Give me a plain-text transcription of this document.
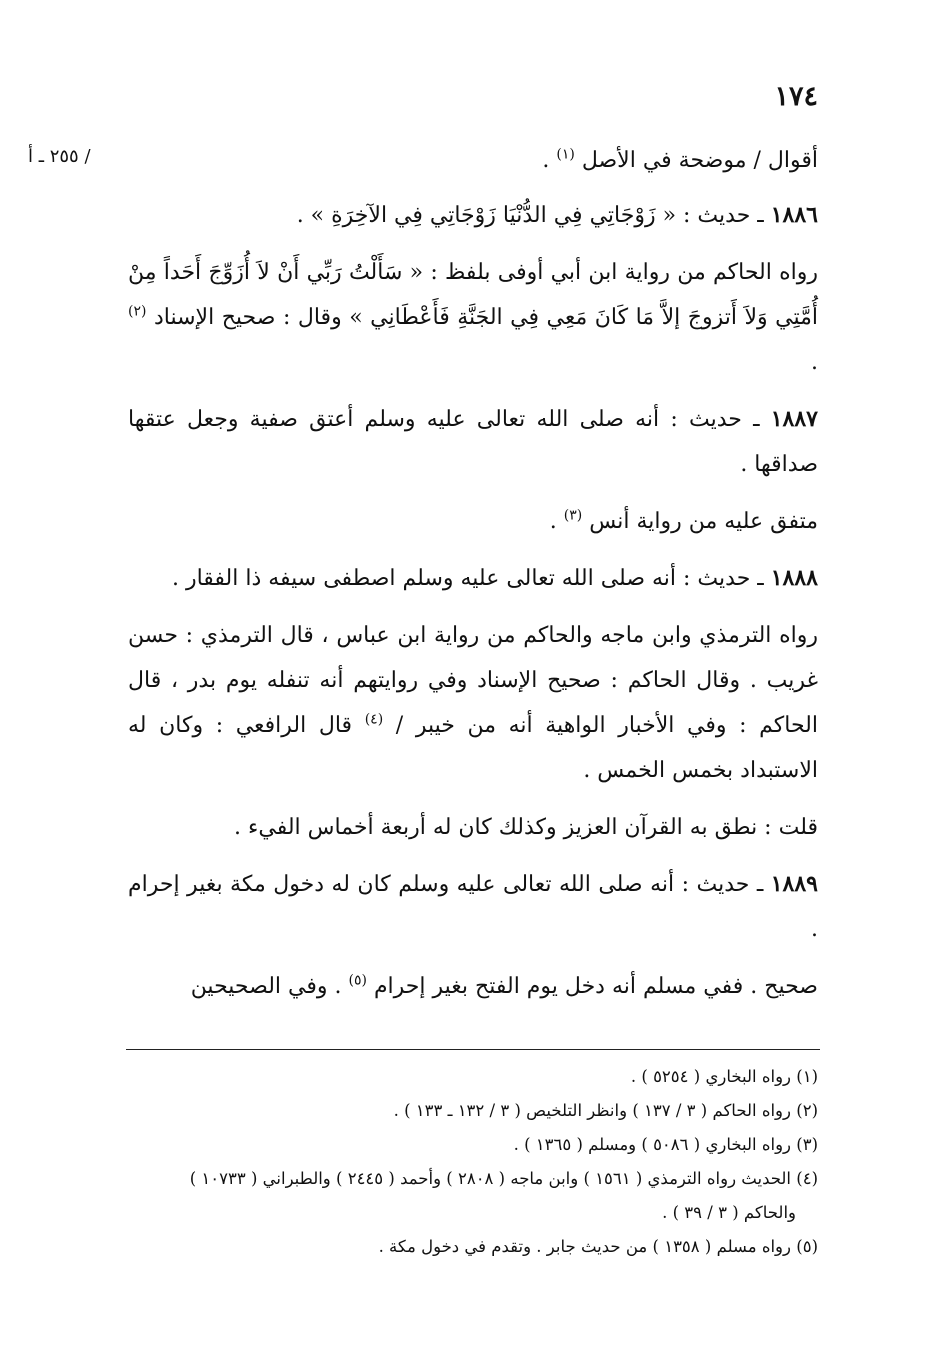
١٧٤
/ ٢٥٥ ـ أ	أقوال / موضحة في الأصل $^{(١)}$ .

١٨٨٦ ـ حديث : « زَوْجَاتِي فِي الدُّنْيَا زَوْجَاتِي فِي الآخِرَةِ » .

رواه الحاكم من رواية ابن أبي أوفى بلفظ : « سَأَلْتُ رَبِّي أَنْ لاَ أُزَوِّجَ أَحَداً مِنْ أُمَّتِي وَلاَ أَتزوجَ إلاَّ مَا كَانَ مَعِي فِي الجَنَّةِ فَأَعْطَانِي » وقال : صحيح الإسناد $^{(٢)}$ .

١٨٨٧ ـ حديث : أنه صلى الله تعالى عليه وسلم أعتق صفية وجعل عتقها صداقها .

متفق عليه من رواية أنس $^{(٣)}$ .

١٨٨٨ ـ حديث : أنه صلى الله تعالى عليه وسلم اصطفى سيفه ذا الفقار .

رواه الترمذي وابن ماجه والحاكم من رواية ابن عباس ، قال الترمذي : حسن غريب . وقال الحاكم : صحيح الإسناد وفي روايتهم أنه تنفله يوم بدر ، قال الحاكم : وفي الأخبار الواهية أنه من خيبر / $^{(٤)}$ قال الرافعي : وكان له الاستبداد بخمس الخمس .

قلت : نطق به القرآن العزيز وكذلك كان له أربعة أخماس الفيء .

١٨٨٩ ـ حديث : أنه صلى الله تعالى عليه وسلم كان له دخول مكة بغير إحرام .

صحيح . ففي مسلم أنه دخل يوم الفتح بغير إحرام $^{(٥)}$ . وفي الصحيحين

(١) رواه البخاري ( ٥٢٥٤ ) .

(٢) رواه الحاكم ( ٣ / ١٣٧ ) وانظر التلخيص ( ٣ / ١٣٢ ـ ١٣٣ ) .

(٣) رواه البخاري ( ٥٠٨٦ ) ومسلم ( ١٣٦٥ ) .

(٤) الحديث رواه الترمذي ( ١٥٦١ ) وابن ماجه ( ٢٨٠٨ ) وأحمد ( ٢٤٤٥ ) والطبراني ( ١٠٧٣٣ )

والحاكم ( ٣ / ٣٩ ) .

(٥) رواه مسلم ( ١٣٥٨ ) من حديث جابر . وتقدم في دخول مكة .
